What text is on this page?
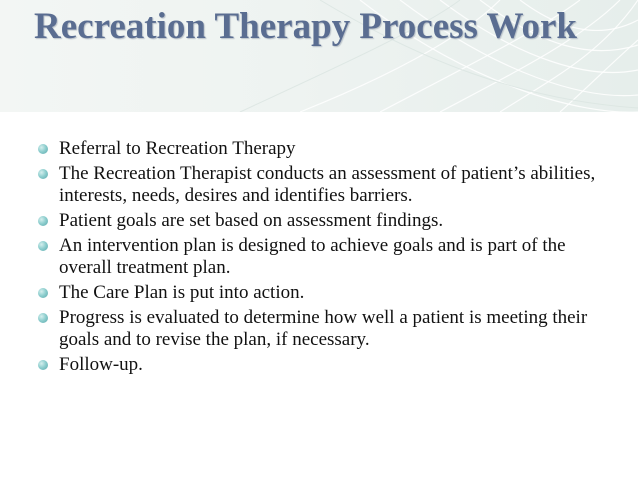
Recreation Therapy Process Work
Referral to Recreation Therapy
The Recreation Therapist conducts an assessment of patient’s abilities, interests, needs, desires and identifies barriers.
Patient goals are set based on assessment findings.
An intervention plan is designed to achieve goals and is part of the overall treatment plan.
The Care Plan is put into action.
Progress is evaluated to determine how well a patient is meeting their goals and to revise the plan, if necessary.
Follow-up.
